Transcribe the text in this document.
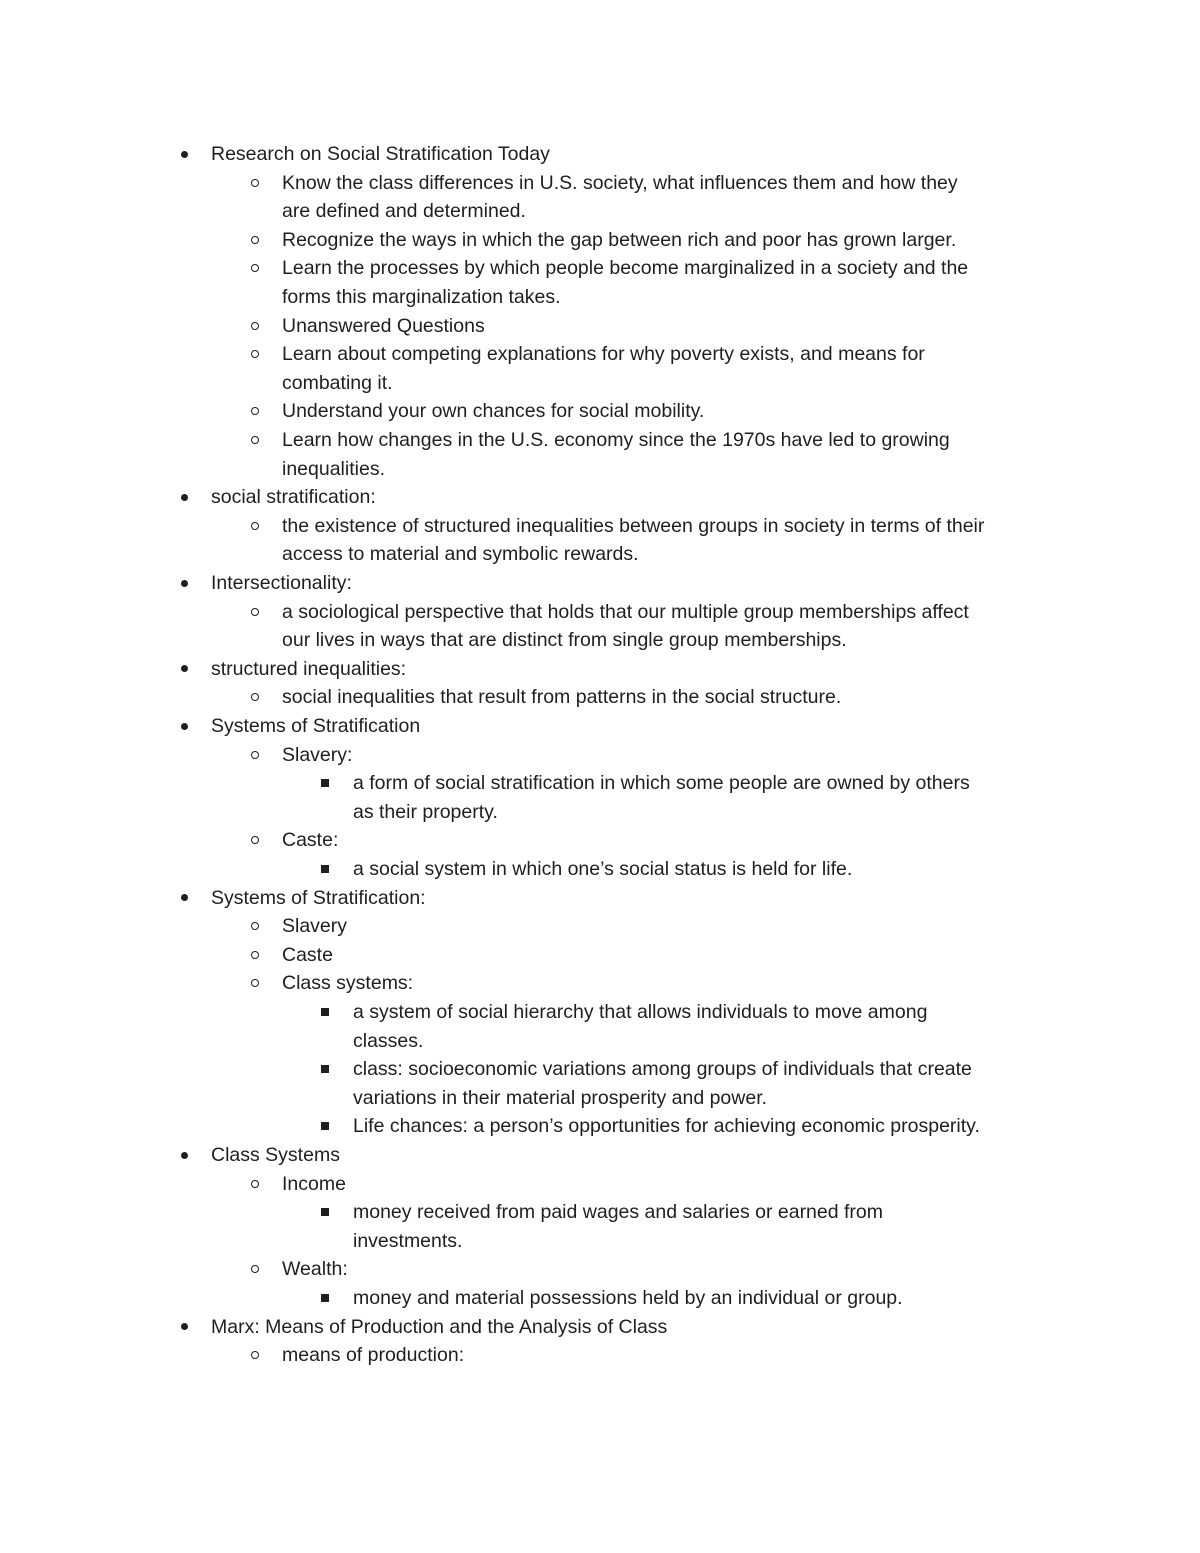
Research on Social Stratification Today
Know the class differences in U.S. society, what influences them and how they
are defined and determined.
Recognize the ways in which the gap between rich and poor has grown larger.
Learn the processes by which people become marginalized in a society and the
forms this marginalization takes.
Unanswered Questions
Learn about competing explanations for why poverty exists, and means for
combating it.
Understand your own chances for social mobility.
Learn how changes in the U.S. economy since the 1970s have led to growing
inequalities.
social stratification:
the existence of structured inequalities between groups in society in terms of their
access to material and symbolic rewards.
Intersectionality:
a sociological perspective that holds that our multiple group memberships affect
our lives in ways that are distinct from single group memberships.
structured inequalities:
social inequalities that result from patterns in the social structure.
Systems of Stratification
Slavery:
a form of social stratification in which some people are owned by others
as their property.
Caste:
a social system in which one’s social status is held for life.
Systems of Stratification:
Slavery
Caste
Class systems:
a system of social hierarchy that allows individuals to move among
classes.
class: socioeconomic variations among groups of individuals that create
variations in their material prosperity and power.
Life chances: a person’s opportunities for achieving economic prosperity.
Class Systems
Income
money received from paid wages and salaries or earned from
investments.
Wealth:
money and material possessions held by an individual or group.
Marx: Means of Production and the Analysis of Class
means of production:
